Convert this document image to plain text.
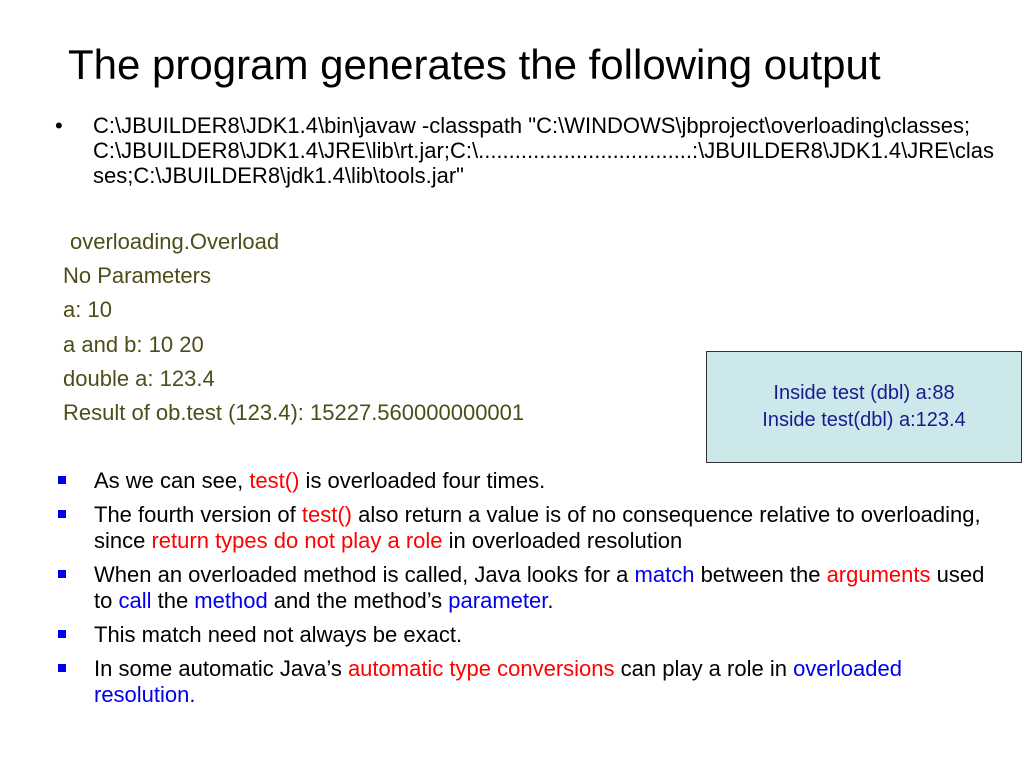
The program generates the following output
•	C:\JBUILDER8\JDK1.4\bin\javaw -classpath "C:\WINDOWS\jbproject\overloading\classes;C:\JBUILDER8\JDK1.4\JRE\lib\rt.jar;C:\...................................:\JBUILDER8\JDK1.4\JRE\classes;C:\JBUILDER8\jdk1.4\lib\tools.jar"
overloading.Overload
No Parameters
a: 10
a and b: 10 20
double a: 123.4
Result of ob.test (123.4): 15227.560000000001
Inside test (dbl) a:88
Inside test(dbl) a:123.4
As we can see, test() is overloaded four times.
The fourth version of test() also return a value is of no consequence relative to overloading, since return types do not play a role in overloaded resolution
When an overloaded method is called, Java looks for a match between the arguments used to call the method and the method’s parameter.
This match need not always be exact.
In some automatic Java’s automatic type conversions can play a role in overloaded resolution.
